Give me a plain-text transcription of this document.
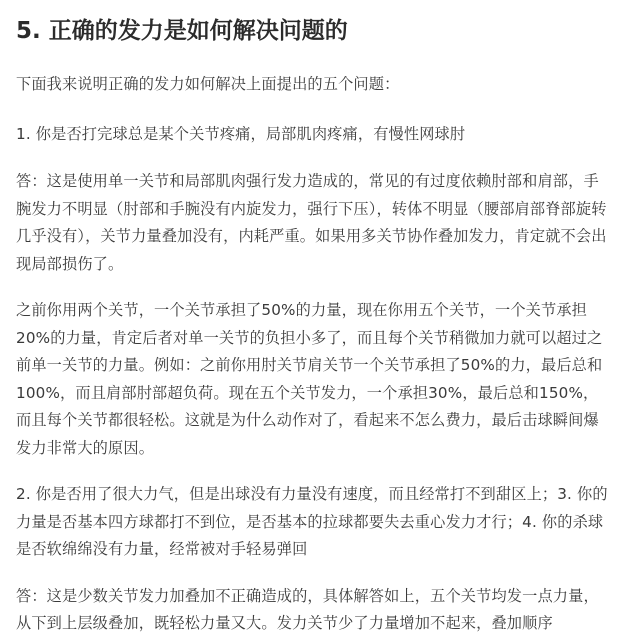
5. 正确的发力是如何解决问题的

下面我来说明正确的发力如何解决上面提出的五个问题：

1. 你是否打完球总是某个关节疼痛，局部肌肉疼痛，有慢性网球肘

答：这是使用单一关节和局部肌肉强行发力造成的，常见的有过度依赖肘部和肩部，手腕发力不明显（肘部和手腕没有内旋发力，强行下压），转体不明显（腰部肩部脊部旋转几乎没有），关节力量叠加没有，内耗严重。如果用多关节协作叠加发力，肯定就不会出现局部损伤了。

之前你用两个关节，一个关节承担了50%的力量，现在你用五个关节，一个关节承担20%的力量，肯定后者对单一关节的负担小多了，而且每个关节稍微加力就可以超过之前单一关节的力量。例如：之前你用肘关节肩关节一个关节承担了50%的力，最后总和100%，而且肩部肘部超负荷。现在五个关节发力，一个承担30%，最后总和150%，而且每个关节都很轻松。这就是为什么动作对了，看起来不怎么费力，最后击球瞬间爆发力非常大的原因。

2. 你是否用了很大力气，但是出球没有力量没有速度，而且经常打不到甜区上；3. 你的力量是否基本四方球都打不到位，是否基本的拉球都要失去重心发力才行；4. 你的杀球是否软绵绵没有力量，经常被对手轻易弹回

答：这是少数关节发力加叠加不正确造成的，具体解答如上，五个关节均发一点力量，从下到上层级叠加，既轻松力量又大。发力关节少了力量增加不起来，叠加顺序
